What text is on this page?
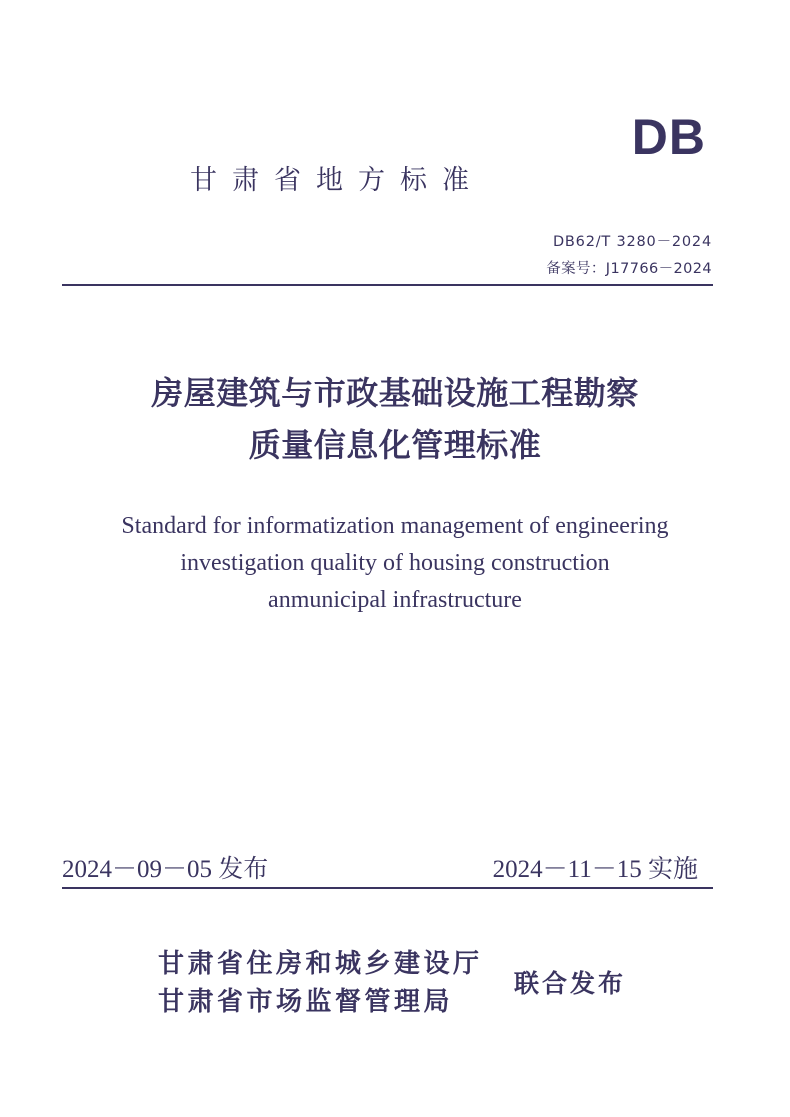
DB
甘肃省地方标准
DB62/T 3280－2024
备案号：J17766－2024
房屋建筑与市政基础设施工程勘察
质量信息化管理标准
Standard for informatization management of engineering
investigation quality of housing construction
anmunicipal infrastructure
2024－09－05 发布	2024－11－15 实施
甘肃省住房和城乡建设厅
甘肃省市场监督管理局
联合发布
